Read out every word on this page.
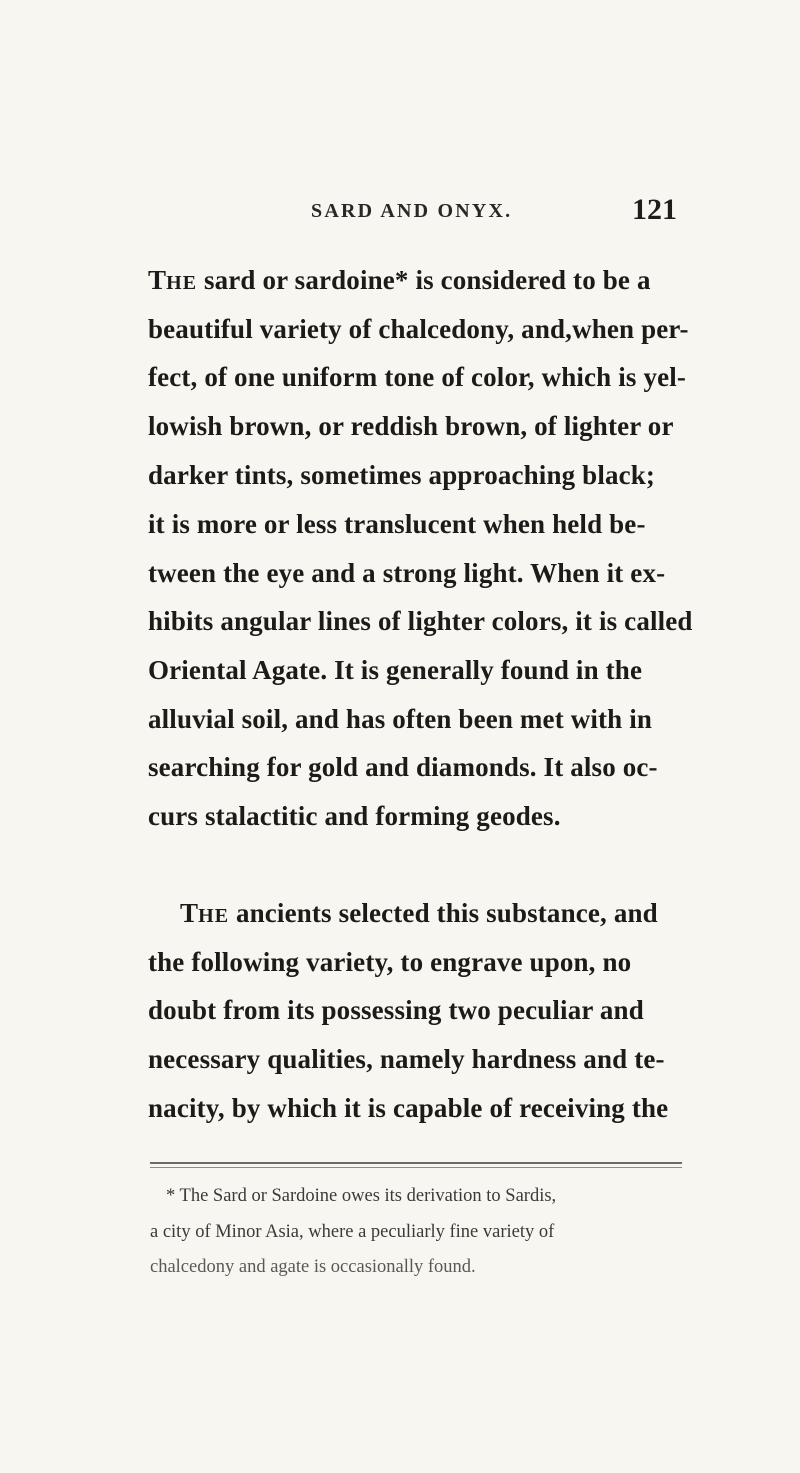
SARD AND ONYX.	121
THE sard or sardoine* is considered to be a
beautiful variety of chalcedony, and,when per-
fect, of one uniform tone of color, which is yel-
lowish brown, or reddish brown, of lighter or
darker tints, sometimes approaching black;
it is more or less translucent when held be-
tween the eye and a strong light. When it ex-
hibits angular lines of lighter colors, it is called
Oriental Agate. It is generally found in the
alluvial soil, and has often been met with in
searching for gold and diamonds. It also oc-
curs stalactitic and forming geodes.
THE ancients selected this substance, and
the following variety, to engrave upon, no
doubt from its possessing two peculiar and
necessary qualities, namely hardness and te-
nacity, by which it is capable of receiving the
* The Sard or Sardoine owes its derivation to Sardis,
a city of Minor Asia, where a peculiarly fine variety of
chalcedony and agate is occasionally found.
